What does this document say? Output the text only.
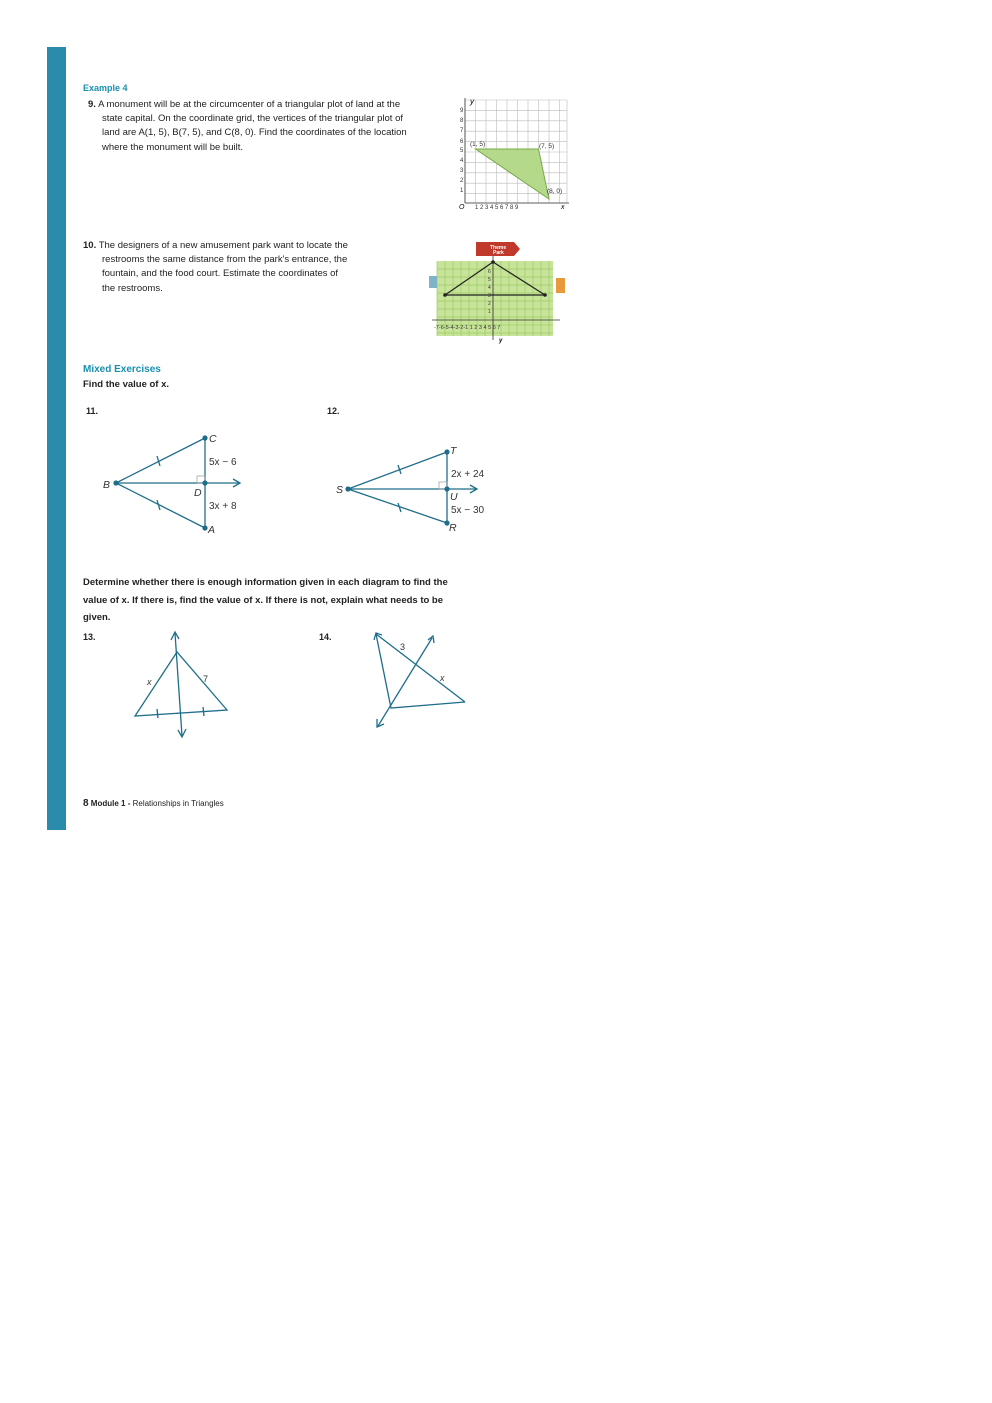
Example 4
9. A monument will be at the circumcenter of a triangular plot of land at the
state capital. On the coordinate grid, the vertices of the triangular plot of
land are A(1, 5), B(7, 5), and C(8, 0). Find the coordinates of the location
where the monument will be built.
y
9
8
7
6
5
4
3
2
1
O 1 2 3 4 5 6 7 8 9	x
(1, 5)	(7, 5)
(8, 0)
10. The designers of a new amusement park want to locate the
restrooms the same distance from the park's entrance, the
fountain, and the food court. Estimate the coordinates of
the restrooms.
Theme
Park
-7-6-5-4-3-2-1 1 2 3 4 5 6 7
y
6
5
4
3
2
1
Mixed Exercises
Find the value of x.
11.	12.
C
B
D
A
5x − 6
3x + 8
T
S
U
R
2x + 24
5x − 30
Determine whether there is enough information given in each diagram to find the
value of x. If there is, find the value of x. If there is not, explain what needs to be
given.
13.	14.
x	7
3
x
8 Module 1 - Relationships in Triangles
